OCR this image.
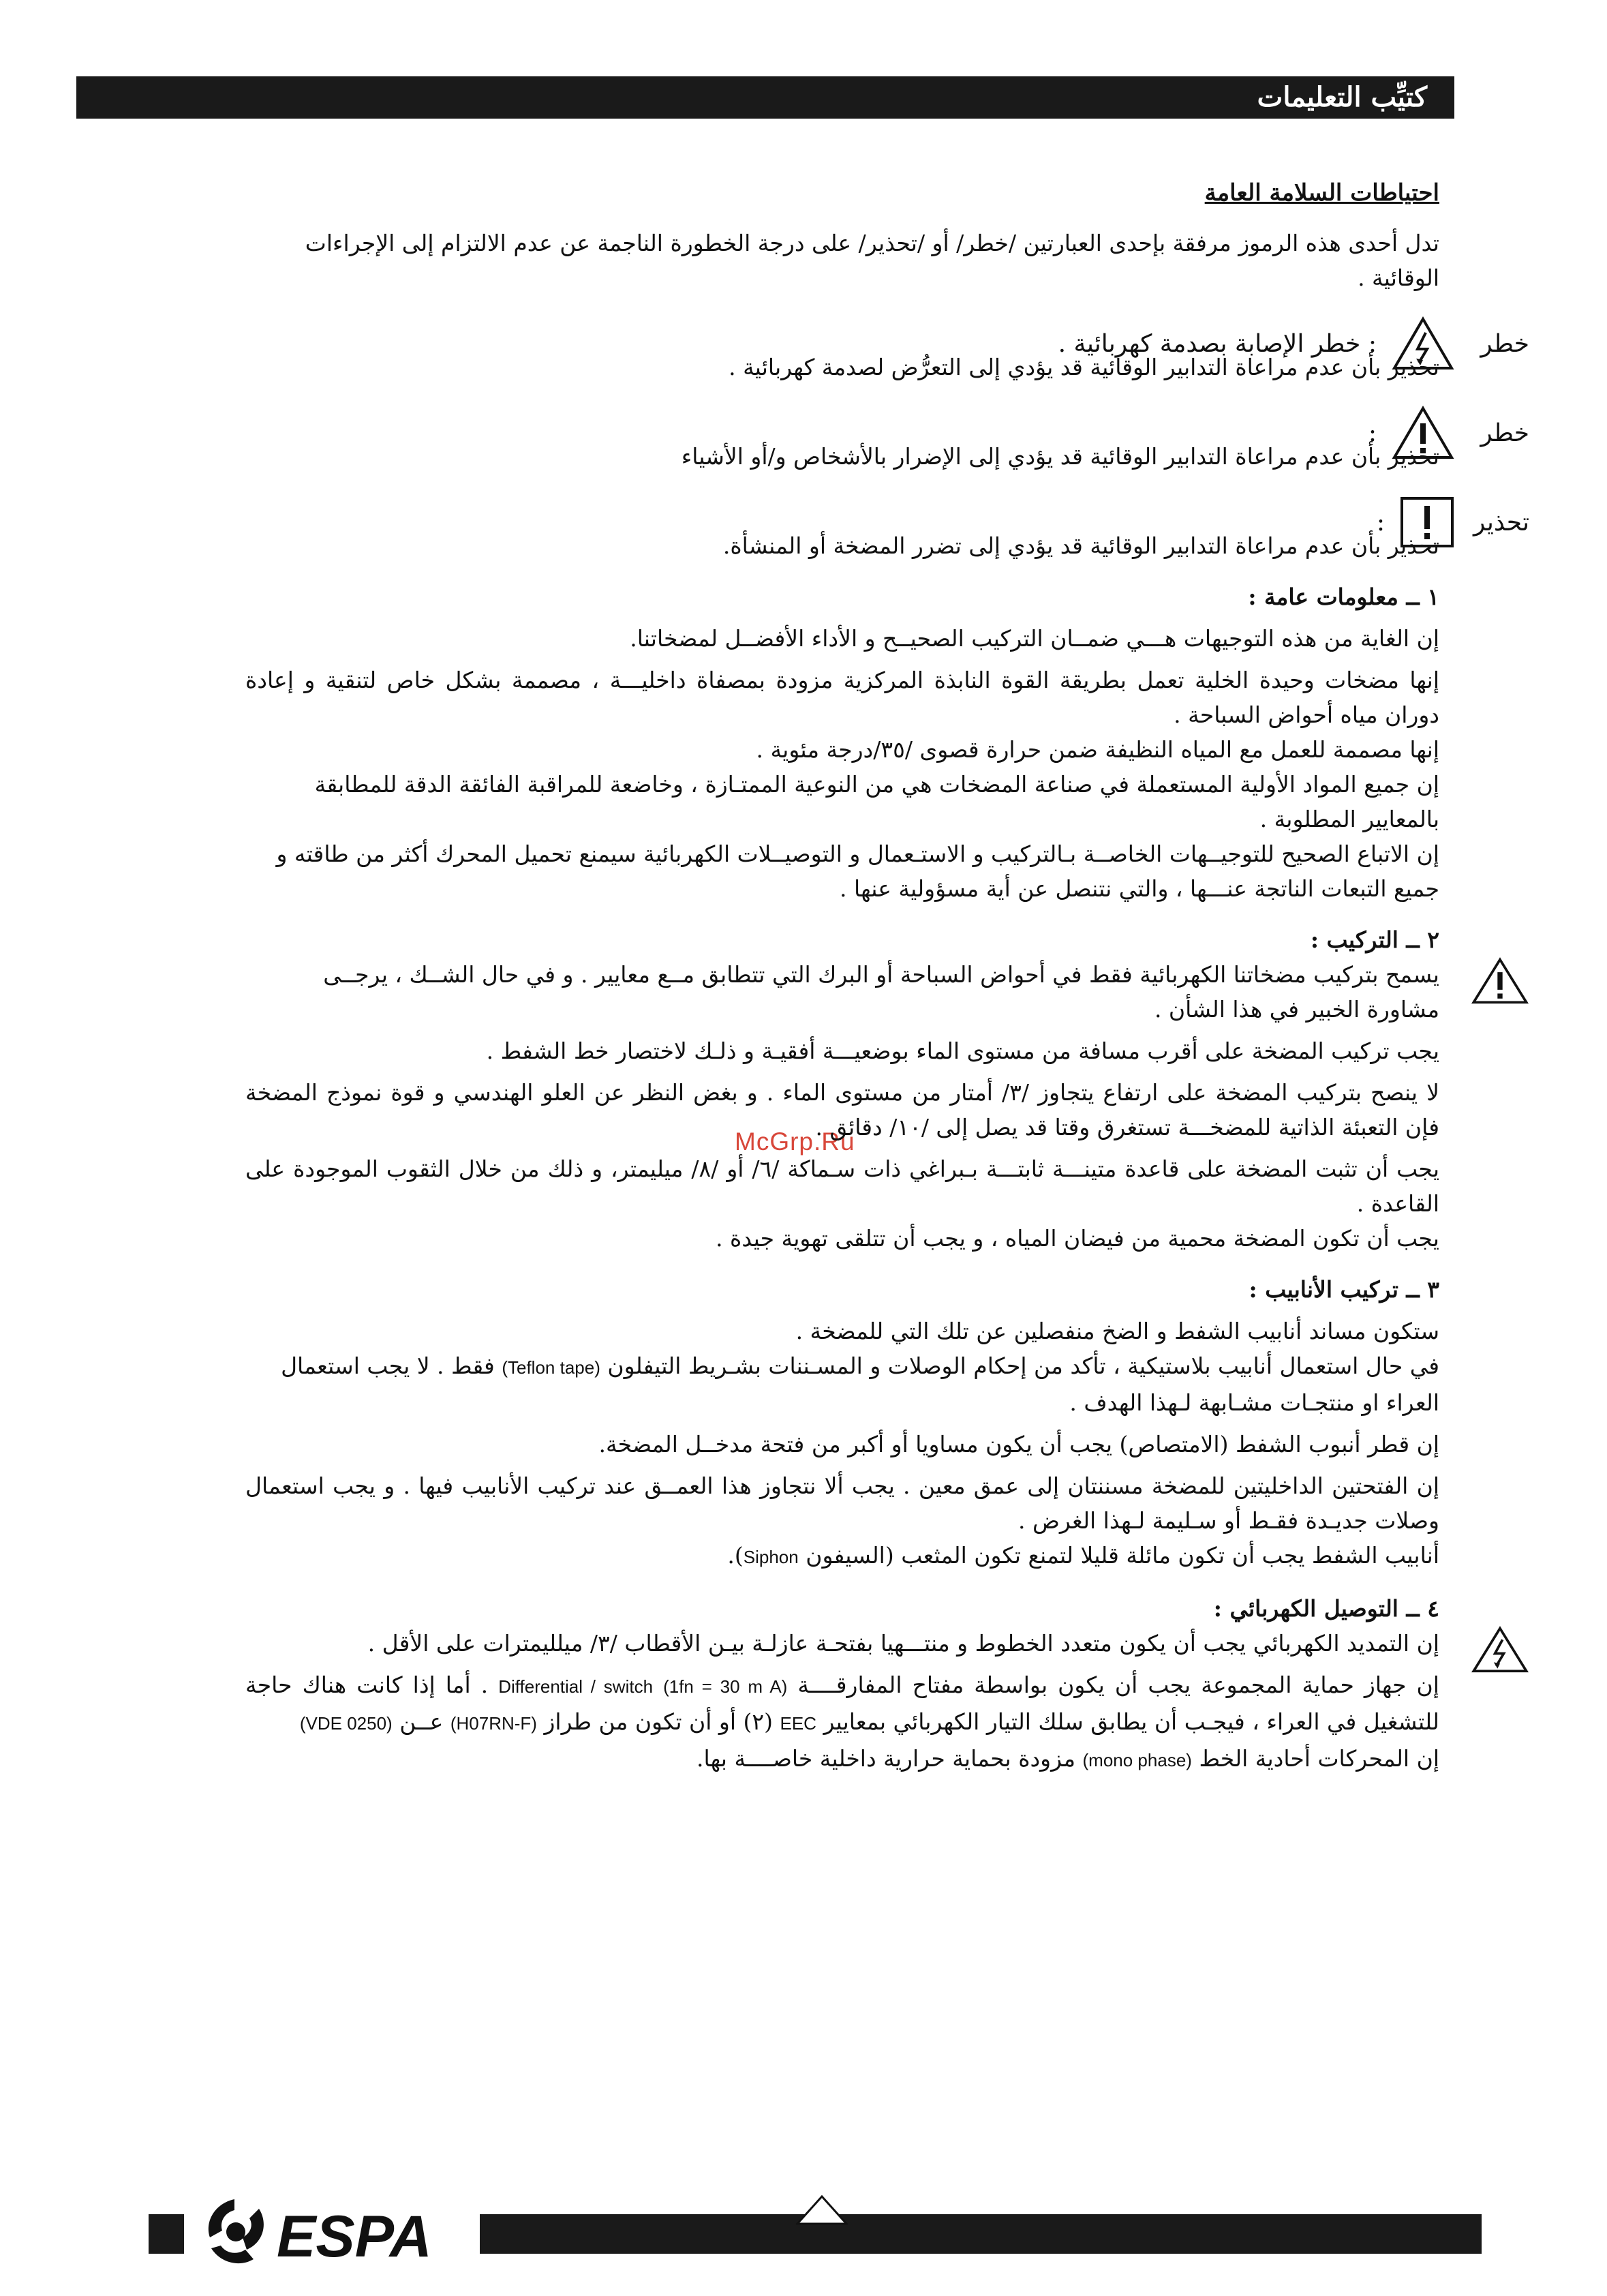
كتيِّب التعليمات
McGrp.Ru

احتياطات السلامة العامة

تدل أحدى هذه الرموز مرفقة بإحدى العبارتين /خطر/ أو /تحذير/ على درجة الخطورة الناجمة عن عدم الالتزام إلى الإجراءات الوقائية .

خطر
: خطر الإصابة بصدمة كهربائية .

تحذير بأن عدم مراعاة التدابير الوقائية قد يؤدي إلى التعرُّض لصدمة كهربائية .

خطر
:

تحذير بأن عدم مراعاة التدابير الوقائية قد يؤدي إلى الإضرار بالأشخاص و/أو الأشياء

تحذير
:

تحذير بأن عدم مراعاة التدابير الوقائية قد يؤدي إلى تضرر المضخة أو المنشأة.

١ ــ معلومات عامة :

إن الغاية من هذه التوجيهات هـــي ضمــان التركيب الصحيــح و الأداء الأفضــل لمضخاتنا.

إنها مضخات وحيدة الخلية تعمل بطريقة القوة النابذة المركزية مزودة بمصفاة داخليـــة ، مصممة بشكل خاص لتنقية و إعادة دوران مياه أحواض السباحة .

إنها مصممة للعمل مع المياه النظيفة ضمن حرارة قصوى /٣٥/درجة مئوية .

إن جميع المواد الأولية المستعملة في صناعة المضخات هي من النوعية الممتـازة ، وخاضعة للمراقبة الفائقة الدقة للمطابقة بالمعايير المطلوبة .

إن الاتباع الصحيح للتوجيــهات الخاصــة بـالتركيب و الاستـعمال و التوصيــلات الكهربائية سيمنع تحميل المحرك أكثر من طاقته و جميع التبعات الناتجة عنـــها ، والتي نتنصل عن أية مسؤولية عنها .

٢ ــ التركيب :

يسمح بتركيب مضخاتنا الكهربائية فقط في أحواض السباحة أو البرك التي تتطابق مــع معايير . و في حال الشــك ، يرجــى مشاورة الخبير في هذا الشأن .

يجب تركيب المضخة على أقرب مسافة من مستوى الماء بوضعيـــة أفقيـة و ذلـك لاختصار خط الشفط .

لا ينصح بتركيب المضخة على ارتفاع يتجاوز /٣/ أمتار من مستوى الماء . و بغض النظر عن العلو الهندسي و قوة نموذج المضخة فإن التعبئة الذاتية للمضخـــة تستغرق وقتا قد يصل إلى /١٠/ دقائق .

يجب أن تثبت المضخة على قاعدة متينـــة ثابتـــة بـبراغي ذات سـماكة /٦/ أو /٨/ ميليمتر، و ذلك من خلال الثقوب الموجودة على القاعدة .

يجب أن تكون المضخة محمية من فيضان المياه ، و يجب أن تتلقى تهوية جيدة .

٣ ــ تركيب الأنابيب :

ستكون مساند أنابيب الشفط و الضخ منفصلين عن تلك التي للمضخة .

في حال استعمال أنابيب بلاستيكية ، تأكد من إحكام الوصلات و المسـننات بشـريط التيفلون (Teflon tape) فقط . لا يجب استعمال العراء او منتجـات مشـابهة لـهذا الهدف .

إن قطر أنبوب الشفط (الامتصاص) يجب أن يكون مساويا أو أكبر من فتحة مدخــل المضخة.

إن الفتحتين الداخليتين للمضخة مسننتان إلى عمق معين . يجب ألا نتجاوز هذا العمــق عند تركيب الأنابيب فيها . و يجب استعمال وصلات جديـدة فقـط أو سـليمة لـهذا الغرض .

أنابيب الشفط يجب أن تكون مائلة قليلا لتمنع تكون المثعب (السيفون Siphon).

٤ ــ التوصيل الكهربائي :

إن التمديد الكهربائي يجب أن يكون متعدد الخطوط و منتـــهيا بفتحـة عازلـة بيـن الأقطاب /٣/ ميلليمترات على الأقل .

إن جهاز حماية المجموعة يجب أن يكون بواسطة مفتاح المفارقــــة Differential / switch (1fn = 30 m A) . أما إذا كانت هناك حاجة للتشغيل في العراء ، فيجـب أن يطابق سلك التيار الكهربائي بمعايير EEC (٢) أو أن تكون من طراز (H07RN-F) عــن (VDE 0250)

إن المحركات أحادية الخط (mono phase) مزودة بحماية حرارية داخلية خاصــــة بها.

ESPA
